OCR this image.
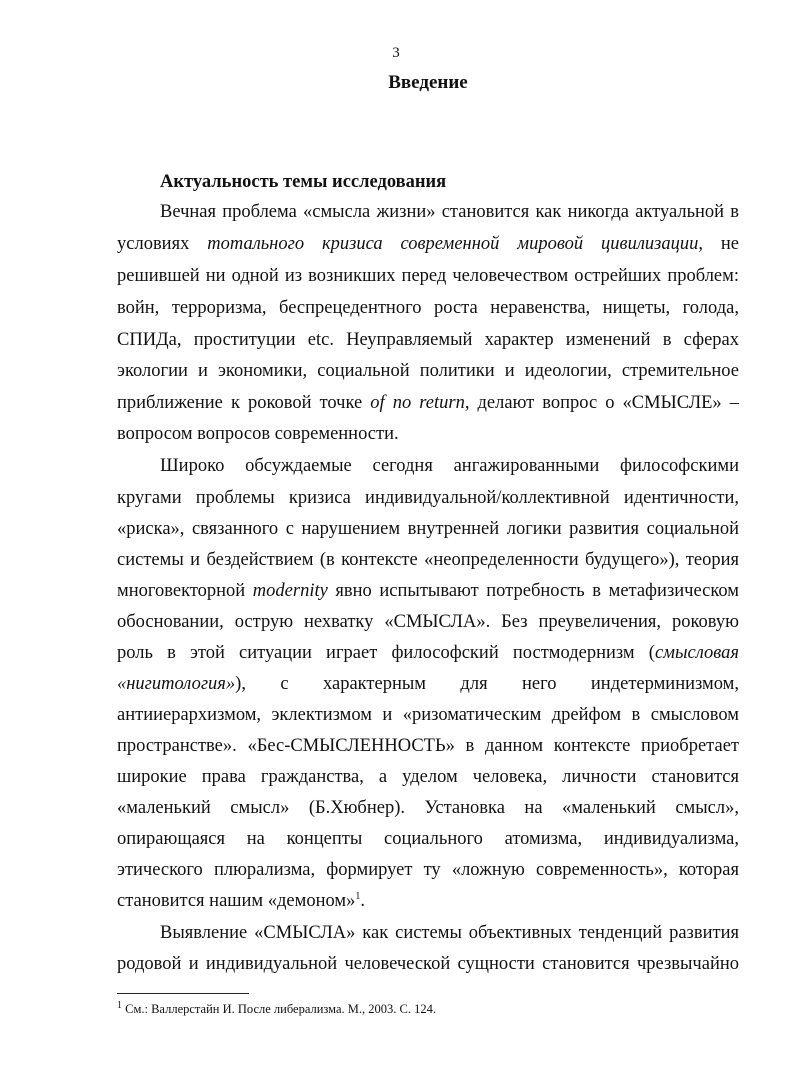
3
Введение
Актуальность темы исследования
Вечная проблема «смысла жизни» становится как никогда актуальной в
условиях тотального кризиса современной мировой цивилизации, не
решившей ни одной из возникших перед человечеством острейших проблем:
войн, терроризма, беспрецедентного роста неравенства, нищеты, голода,
СПИДа, проституции etc. Неуправляемый характер изменений в сферах
экологии и экономики, социальной политики и идеологии, стремительное
приближение к роковой точке of no return, делают вопрос о «СМЫСЛЕ» –
вопросом вопросов современности.
Широко обсуждаемые сегодня ангажированными философскими
кругами проблемы кризиса индивидуальной/коллективной идентичности,
«риска», связанного с нарушением внутренней логики развития социальной
системы и бездействием (в контексте «неопределенности будущего»), теория
многовекторной modernity явно испытывают потребность в метафизическом
обосновании, острую нехватку «СМЫСЛА». Без преувеличения, роковую
роль в этой ситуации играет философский постмодернизм (смысловая
«нигитология»), с характерным для него индетерминизмом,
антииерархизмом, эклектизмом и «ризоматическим дрейфом в смысловом
пространстве». «Бес-СМЫСЛЕННОСТЬ» в данном контексте приобретает
широкие права гражданства, а уделом человека, личности становится
«маленький смысл» (Б.Хюбнер). Установка на «маленький смысл»,
опирающаяся на концепты социального атомизма, индивидуализма,
этического плюрализма, формирует ту «ложную современность», которая
становится нашим «демоном»$^1$.
Выявление «СМЫСЛА» как системы объективных тенденций развития
родовой и индивидуальной человеческой сущности становится чрезвычайно
$^1$ См.: Валлерстайн И. После либерализма. М., 2003. С. 124.
